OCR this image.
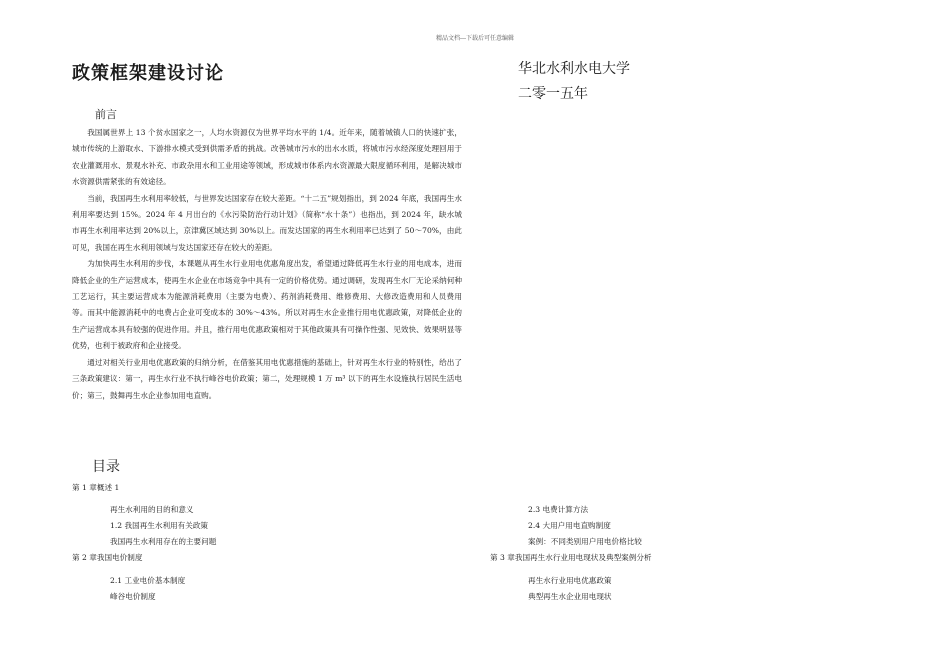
精品文档---下载后可任意编辑
政策框架建设讨论	华北水利水电大学
二零一五年
前言

我国属世界上 13 个贫水国家之一，人均水资源仅为世界平均水平的 1/4。近年来，随着城镇人口的快速扩张，城市传统的上游取水、下游排水模式受到供需矛盾的挑战。改善城市污水的出水水质，将城市污水经深度处理回用于农业灌溉用水、景观水补充、市政杂用水和工业用途等领域，形成城市体系内水资源最大限度循环利用，是解决城市水资源供需紧张的有效途径。

当前，我国再生水利用率较低，与世界发达国家存在较大差距。“十二五”规划指出，到 2024 年底，我国再生水利用率要达到 15%。2024 年 4 月出台的《水污染防治行动计划》（简称“水十条”）也指出，到 2024 年，缺水城市再生水利用率达到 20%以上，京津冀区域达到 30%以上。而发达国家的再生水利用率已达到了 50～70%，由此可见，我国在再生水利用领域与发达国家还存在较大的差距。

为加快再生水利用的步伐，本课题从再生水行业用电优惠角度出发，希望通过降低再生水行业的用电成本，进而降低企业的生产运营成本，使再生水企业在市场竞争中具有一定的价格优势。通过调研，发现再生水厂无论采纳何种工艺运行，其主要运营成本为能源消耗费用（主要为电费）、药剂消耗费用、维修费用、大修改造费用和人员费用等。而其中能源消耗中的电费占企业可变成本的 30%～43%。所以对再生水企业推行用电优惠政策，对降低企业的生产运营成本具有较强的促进作用。并且，推行用电优惠政策相对于其他政策具有可操作性强、见效快、效果明显等优势，也利于被政府和企业接受。

通过对相关行业用电优惠政策的归纳分析，在借鉴其用电优惠措施的基础上，针对再生水行业的特别性，给出了三条政策建议：第一，再生水行业不执行峰谷电价政策；第二，处理规模 1 万 m³ 以下的再生水设施执行居民生活电价；第三，鼓舞再生水企业参加用电直购。

目录
第 1 章概述 1
再生水利用的目的和意义
1.2 我国再生水利用有关政策
我国再生水利用存在的主要问题
第 2 章我国电价制度
2.1 工业电价基本制度
峰谷电价制度
2.3 电费计算方法
2.4 大用户用电直购制度
案例：不同类别用户用电价格比较
第 3 章我国再生水行业用电现状及典型案例分析
再生水行业用电优惠政策
典型再生水企业用电现状
